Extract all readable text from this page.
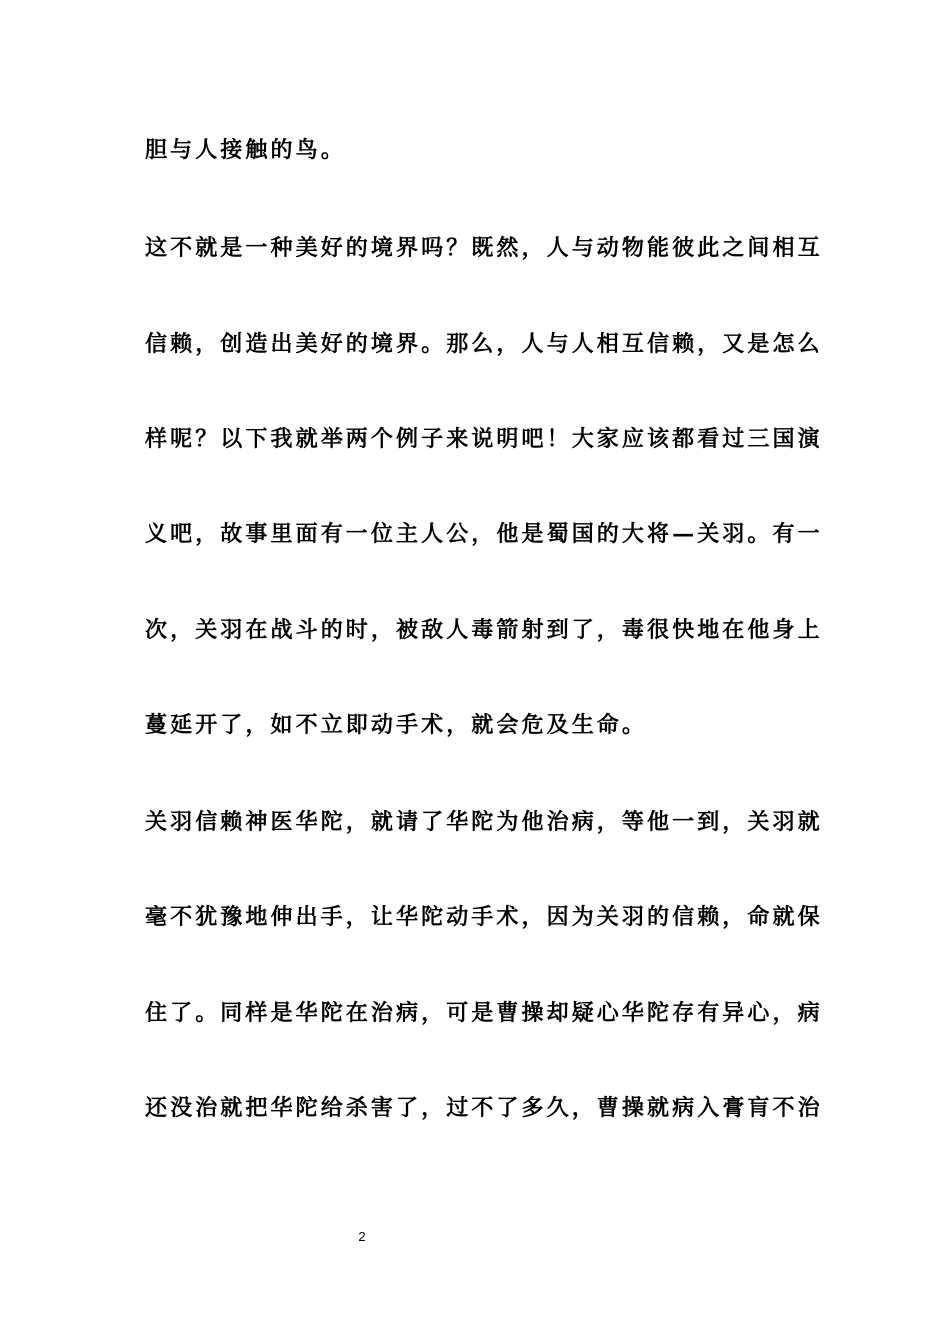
胆与人接触的鸟。
这不就是一种美好的境界吗？既然，人与动物能彼此之间相互
信赖，创造出美好的境界。那么，人与人相互信赖，又是怎么
样呢？以下我就举两个例子来说明吧！大家应该都看过三国演
义吧，故事里面有一位主人公，他是蜀国的大将—关羽。有一
次，关羽在战斗的时，被敌人毒箭射到了，毒很快地在他身上
蔓延开了，如不立即动手术，就会危及生命。
关羽信赖神医华陀，就请了华陀为他治病，等他一到，关羽就
毫不犹豫地伸出手，让华陀动手术，因为关羽的信赖，命就保
住了。同样是华陀在治病，可是曹操却疑心华陀存有异心，病
还没治就把华陀给杀害了，过不了多久，曹操就病入膏肓不治
2
